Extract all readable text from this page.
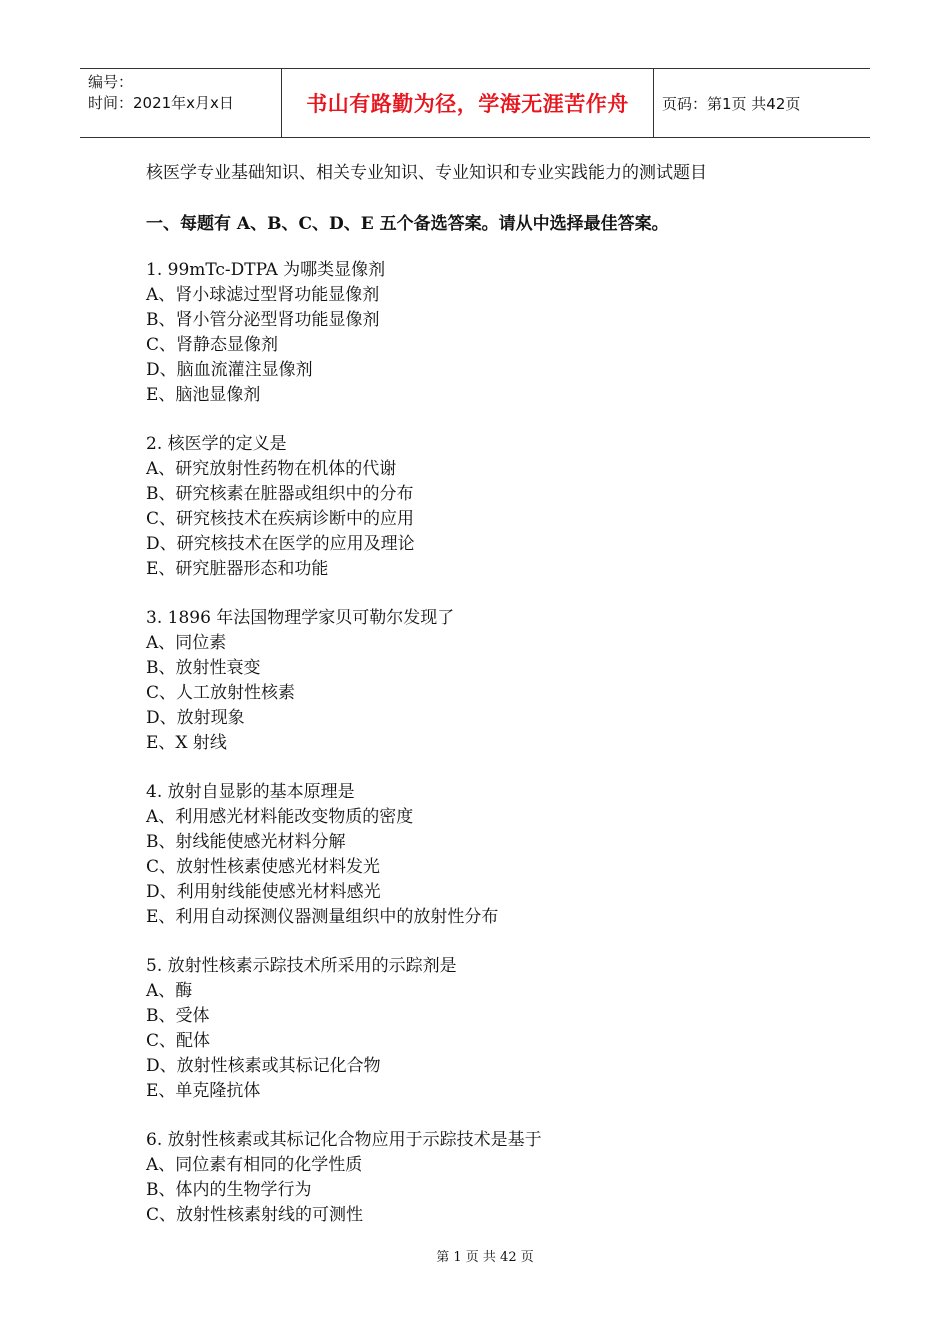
编号：
时间：2021年x月x日	书山有路勤为径，学海无涯苦作舟	页码：第1页 共42页
核医学专业基础知识、相关专业知识、专业知识和专业实践能力的测试题目
一、每题有 A、B、C、D、E 五个备选答案。请从中选择最佳答案。
1. 99mTc-DTPA 为哪类显像剂
A、肾小球滤过型肾功能显像剂
B、肾小管分泌型肾功能显像剂
C、肾静态显像剂
D、脑血流灌注显像剂
E、脑池显像剂
2. 核医学的定义是
A、研究放射性药物在机体的代谢
B、研究核素在脏器或组织中的分布
C、研究核技术在疾病诊断中的应用
D、研究核技术在医学的应用及理论
E、研究脏器形态和功能
3. 1896 年法国物理学家贝可勒尔发现了
A、同位素
B、放射性衰变
C、人工放射性核素
D、放射现象
E、X 射线
4. 放射自显影的基本原理是
A、利用感光材料能改变物质的密度
B、射线能使感光材料分解
C、放射性核素使感光材料发光
D、利用射线能使感光材料感光
E、利用自动探测仪器测量组织中的放射性分布
5. 放射性核素示踪技术所采用的示踪剂是
A、酶
B、受体
C、配体
D、放射性核素或其标记化合物
E、单克隆抗体
6. 放射性核素或其标记化合物应用于示踪技术是基于
A、同位素有相同的化学性质
B、体内的生物学行为
C、放射性核素射线的可测性
第 1 页 共 42 页
